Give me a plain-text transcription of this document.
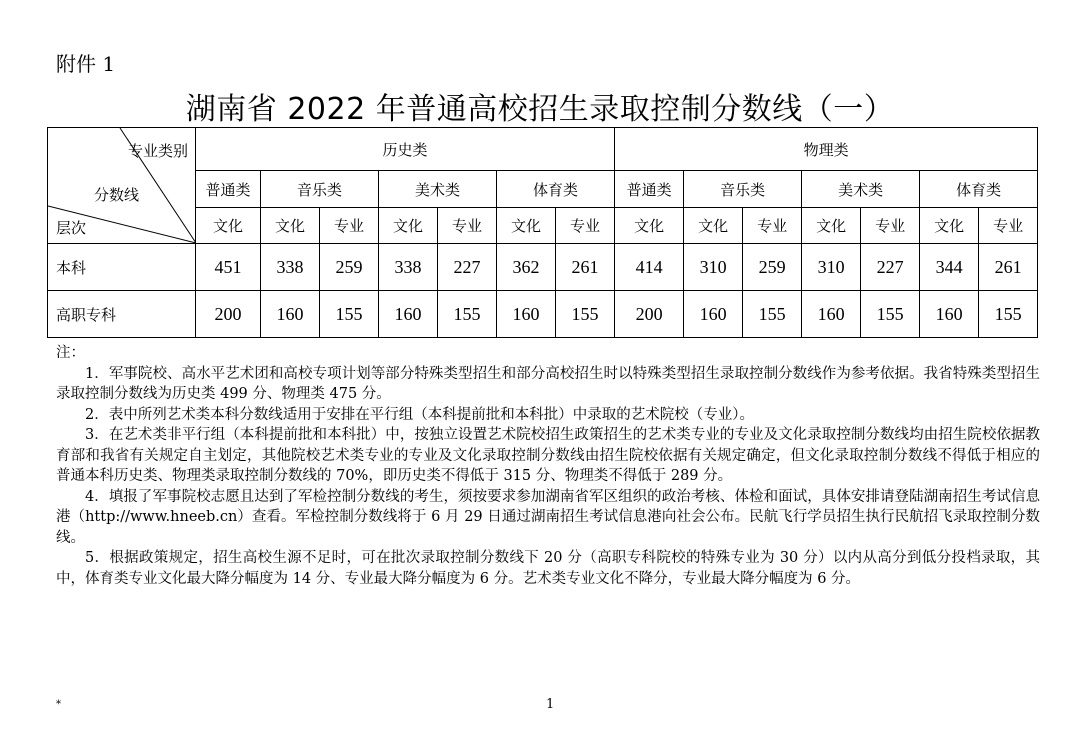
附件 1
湖南省 2022 年普通高校招生录取控制分数线（一）
专业类别
分数线
层次	历史类							物理类						
	普通类	音乐类		美术类		体育类		普通类	音乐类		美术类		体育类	
	文化	文化	专业	文化	专业	文化	专业	文化	文化	专业	文化	专业	文化	专业
本科	451	338	259	338	227	362	261	414	310	259	310	227	344	261
高职专科	200	160	155	160	155	160	155	200	160	155	160	155	160	155

注：

1．军事院校、高水平艺术团和高校专项计划等部分特殊类型招生和部分高校招生时以特殊类型招生录取控制分数线作为参考依据。我省特殊类型招生录取控制分数线为历史类 499 分、物理类 475 分。

2．表中所列艺术类本科分数线适用于安排在平行组（本科提前批和本科批）中录取的艺术院校（专业）。

3．在艺术类非平行组（本科提前批和本科批）中，按独立设置艺术院校招生政策招生的艺术类专业的专业及文化录取控制分数线均由招生院校依据教育部和我省有关规定自主划定，其他院校艺术类专业的专业及文化录取控制分数线由招生院校依据有关规定确定，但文化录取控制分数线不得低于相应的普通本科历史类、物理类录取控制分数线的 70%，即历史类不得低于 315 分、物理类不得低于 289 分。

4．填报了军事院校志愿且达到了军检控制分数线的考生，须按要求参加湖南省军区组织的政治考核、体检和面试，具体安排请登陆湖南招生考试信息港（http://www.hneeb.cn）查看。军检控制分数线将于 6 月 29 日通过湖南招生考试信息港向社会公布。民航飞行学员招生执行民航招飞录取控制分数线。

5．根据政策规定，招生高校生源不足时，可在批次录取控制分数线下 20 分（高职专科院校的特殊专业为 30 分）以内从高分到低分投档录取，其中，体育类专业文化最大降分幅度为 14 分、专业最大降分幅度为 6 分。艺术类专业文化不降分，专业最大降分幅度为 6 分。

*	1
